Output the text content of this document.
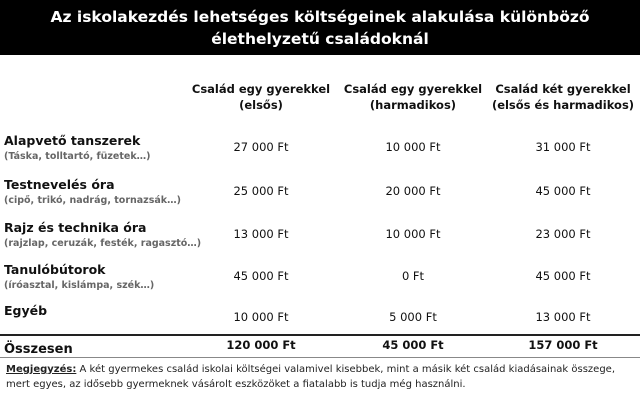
Az iskolakezdés lehetséges költségeinek alakulása különböző élethelyzetű családoknál
Család egy gyerekkel (elsős)
Család egy gyerekkel (harmadikos)
Család két gyerekkel (elsős és harmadikos)
Alapvető tanszerek
(Táska, tolltartó, füzetek…)
27 000 Ft	10 000 Ft	31 000 Ft
Testnevelés óra
(cipő, trikó, nadrág, tornazsák…)
25 000 Ft	20 000 Ft	45 000 Ft
Rajz és technika óra
(rajzlap, ceruzák, festék, ragasztó…)
13 000 Ft	10 000 Ft	23 000 Ft
Tanulóbútorok
(íróasztal, kislámpa, szék…)
45 000 Ft	0 Ft	45 000 Ft
Egyéb	10 000 Ft	5 000 Ft	13 000 Ft
Összesen	120 000 Ft	45 000 Ft	157 000 Ft
Megjegyzés: A két gyermekes család iskolai költségei valamivel kisebbek, mint a másik két család kiadásainak összege, mert egyes, az idősebb gyermeknek vásárolt eszközöket a fiatalabb is tudja még használni.
